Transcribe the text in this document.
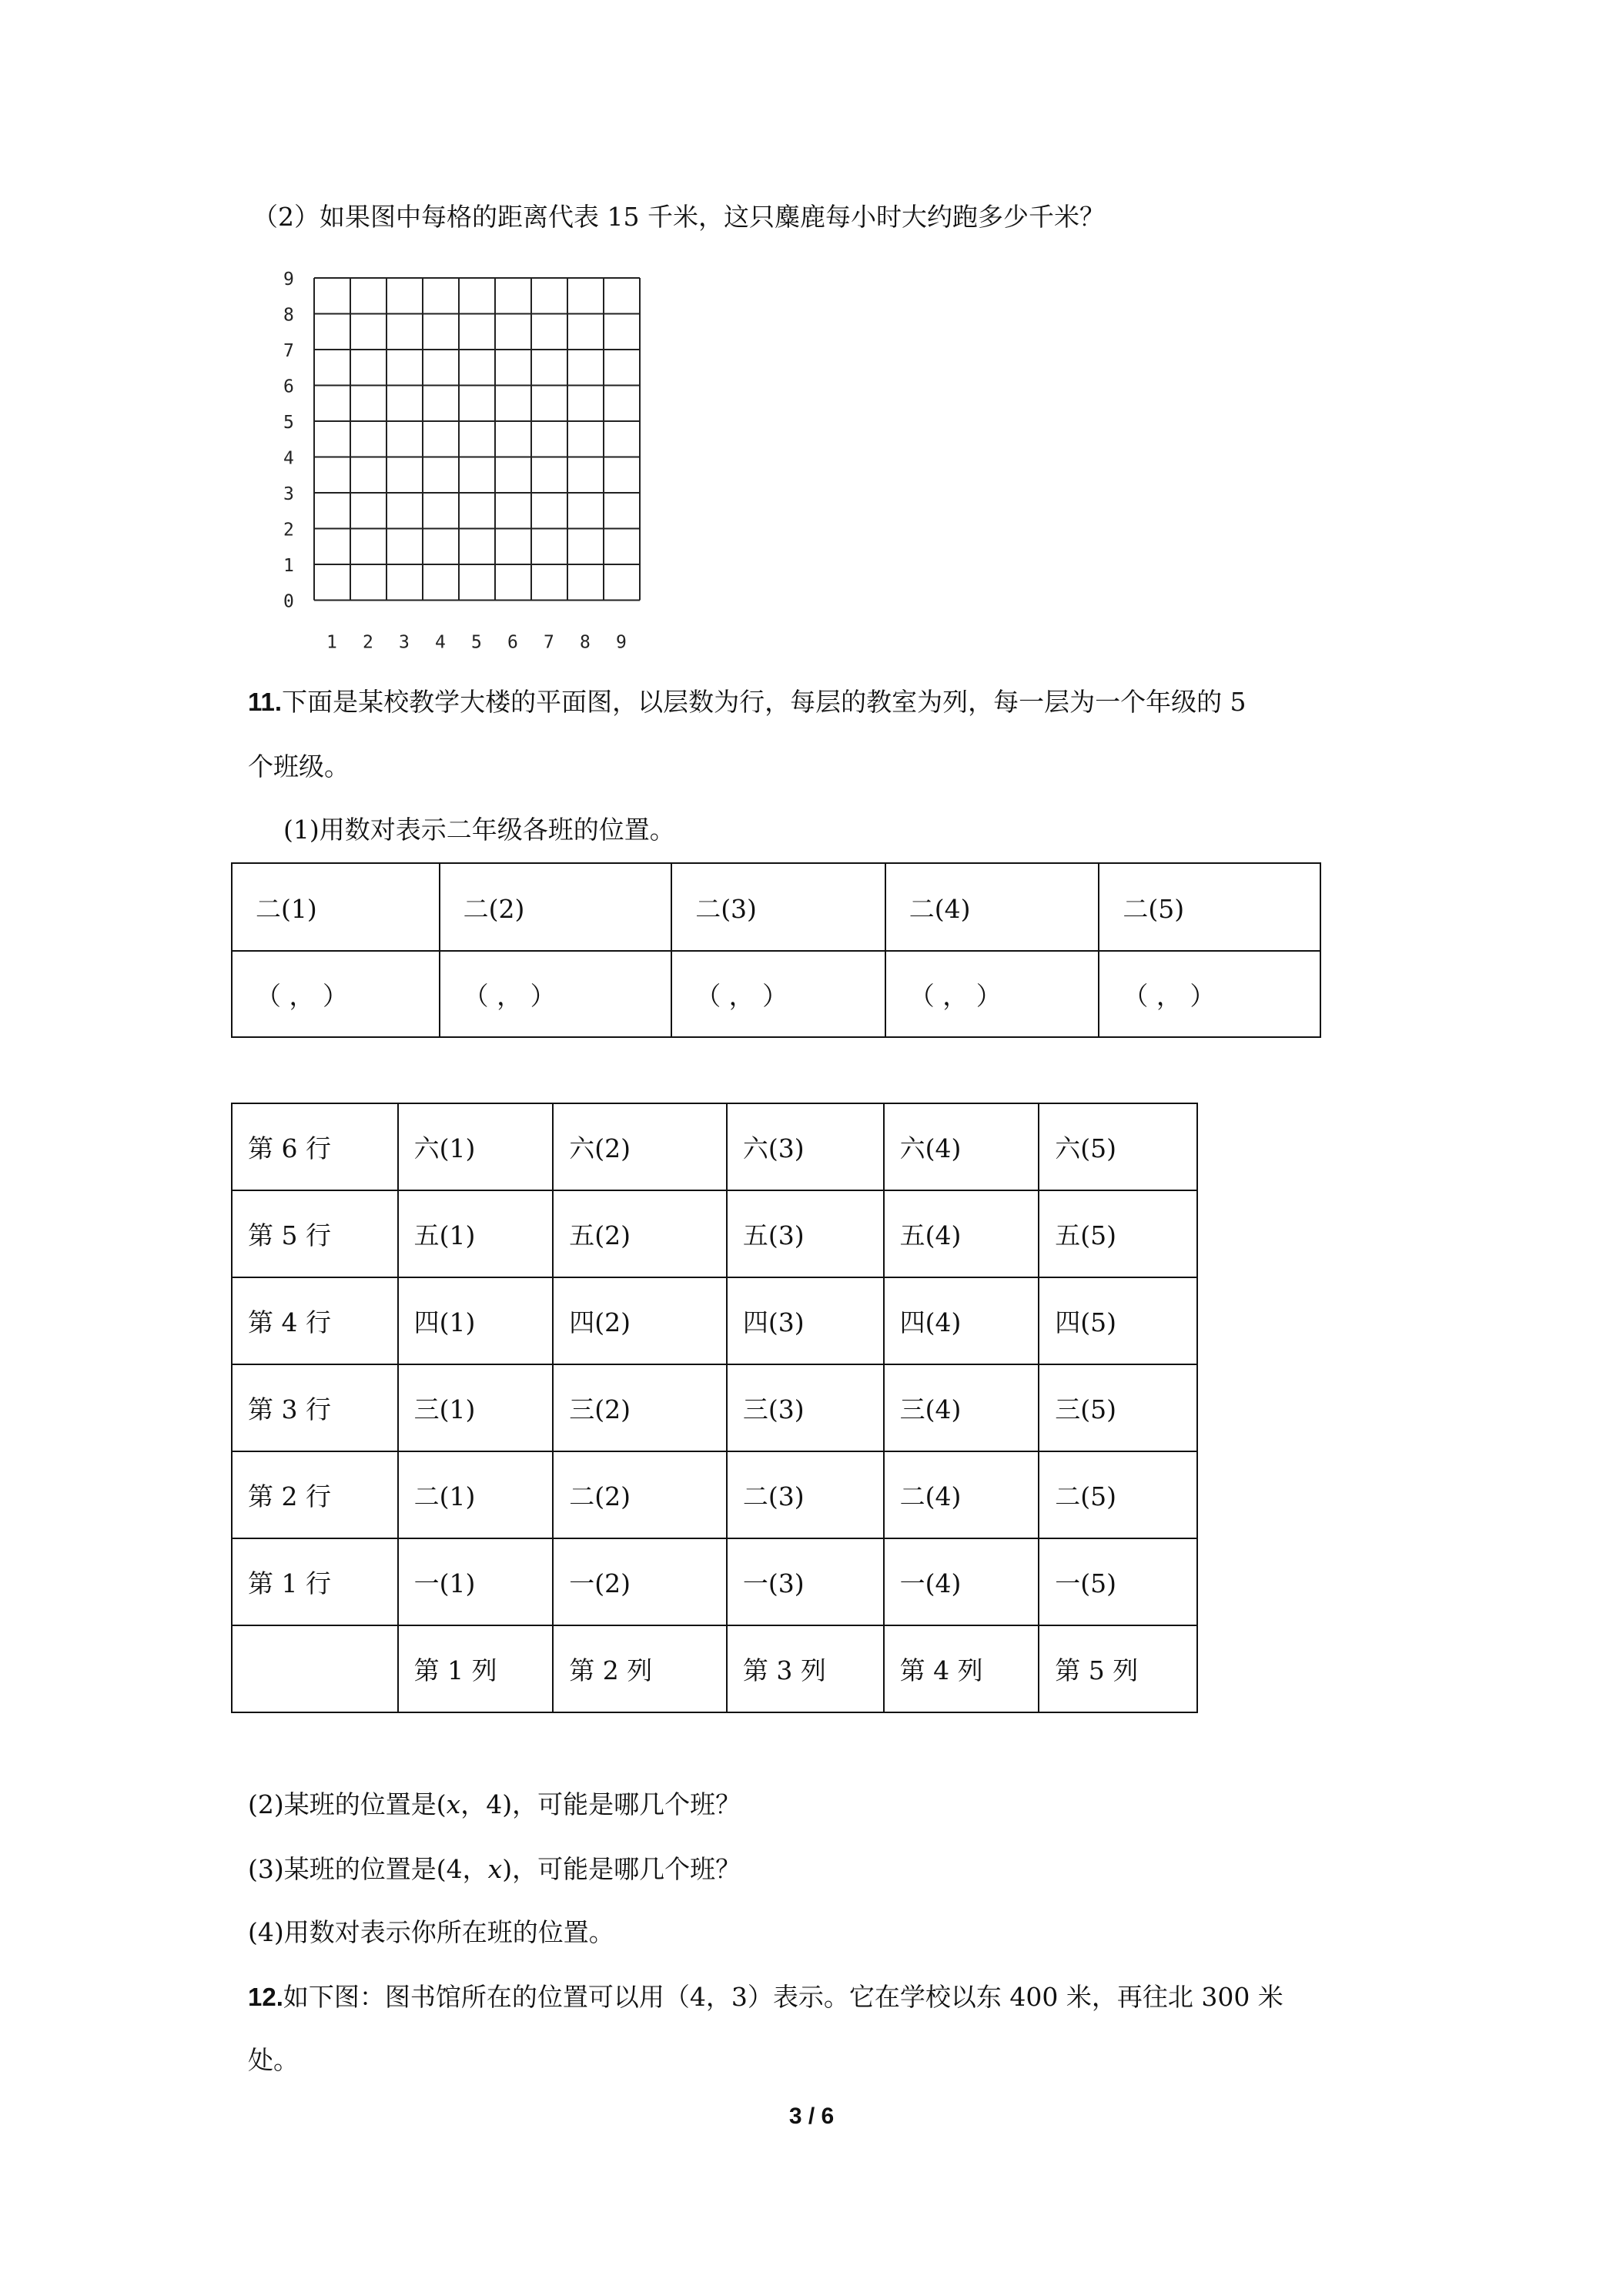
（2）如果图中每格的距离代表 15 千米，这只麋鹿每小时大约跑多少千米？
0
1
2
3
4
5
6
7
8
9
1 2 3 4 5 6 7 8 9
11.下面是某校教学大楼的平面图，以层数为行，每层的教室为列，每一层为一个年级的 5
个班级。
(1)用数对表示二年级各班的位置。
二(1)	二(2)	二(3)	二(4)	二(5)
（ ， ）	（ ， ）	（ ， ）	（ ， ）	（ ， ）
第 6 行	六(1)	六(2)	六(3)	六(4)	六(5)
第 5 行	五(1)	五(2)	五(3)	五(4)	五(5)
第 4 行	四(1)	四(2)	四(3)	四(4)	四(5)
第 3 行	三(1)	三(2)	三(3)	三(4)	三(5)
第 2 行	二(1)	二(2)	二(3)	二(4)	二(5)
第 1 行	一(1)	一(2)	一(3)	一(4)	一(5)
	第 1 列	第 2 列	第 3 列	第 4 列	第 5 列
(2)某班的位置是(x，4)，可能是哪几个班？
(3)某班的位置是(4，x)，可能是哪几个班？
(4)用数对表示你所在班的位置。
12.如下图：图书馆所在的位置可以用（4，3）表示。它在学校以东 400 米，再往北 300 米
处。
3 / 6
